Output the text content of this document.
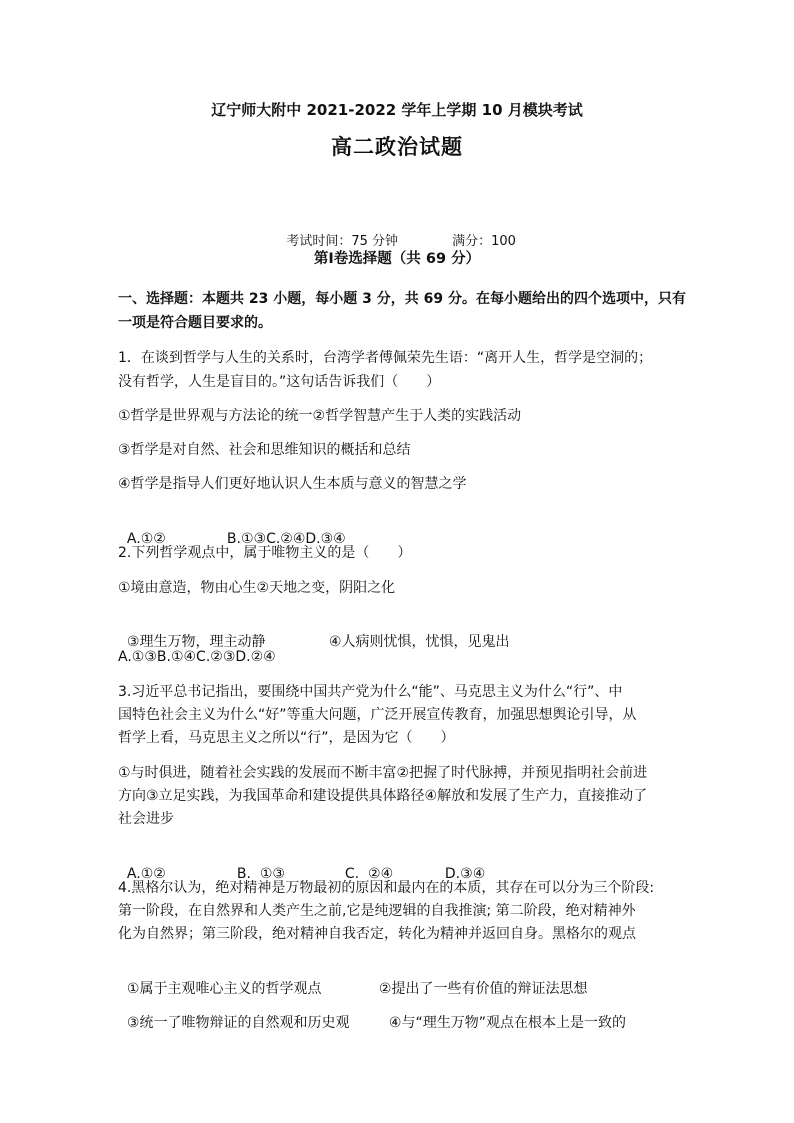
辽宁师大附中 2021-2022 学年上学期 10 月模块考试
高二政治试题

考试时间：75 分钟	满分：100

第Ⅰ卷选择题（共 69 分）
一、选择题：本题共 23 小题，每小题 3 分，共 69 分。在每小题给出的四个选项中，只有
一项是符合题目要求的。
1．在谈到哲学与人生的关系时，台湾学者傅佩荣先生语：“离开人生，哲学是空洞的；
没有哲学，人生是盲目的。”这句话告诉我们（　　）
①哲学是世界观与方法论的统一②哲学智慧产生于人类的实践活动
③哲学是对自然、社会和思维知识的概括和总结
④哲学是指导人们更好地认识人生本质与意义的智慧之学

A.①②	B.①③C.②④D.③④

2.下列哲学观点中，属于唯物主义的是（　　）
①境由意造，物由心生②天地之变，阴阳之化

③理生万物，理主动静	④人病则忧惧，忧惧，见鬼出

A.①③B.①④C.②③D.②④
3.习近平总书记指出，要围绕中国共产党为什么“能”、马克思主义为什么“行”、中
国特色社会主义为什么“好”等重大问题，广泛开展宣传教育，加强思想舆论引导，从
哲学上看，马克思主义之所以“行”，是因为它（　　）
①与时俱进，随着社会实践的发展而不断丰富②把握了时代脉搏，并预见指明社会前进
方向③立足实践，为我国革命和建设提供具体路径④解放和发展了生产力，直接推动了
社会进步

A.①②	B.  ①③	C.  ②④	D.③④

4.黑格尔认为，绝对精神是万物最初的原因和最内在的本质，其存在可以分为三个阶段:
第一阶段，在自然界和人类产生之前,它是纯逻辑的自我推演; 第二阶段，绝对精神外
化为自然界；第三阶段，绝对精神自我否定，转化为精神并返回自身。黑格尔的观点

①属于主观唯心主义的哲学观点	②提出了一些有价值的辩证法思想

③统一了唯物辩证的自然观和历史观	④与“理生万物”观点在根本上是一致的
